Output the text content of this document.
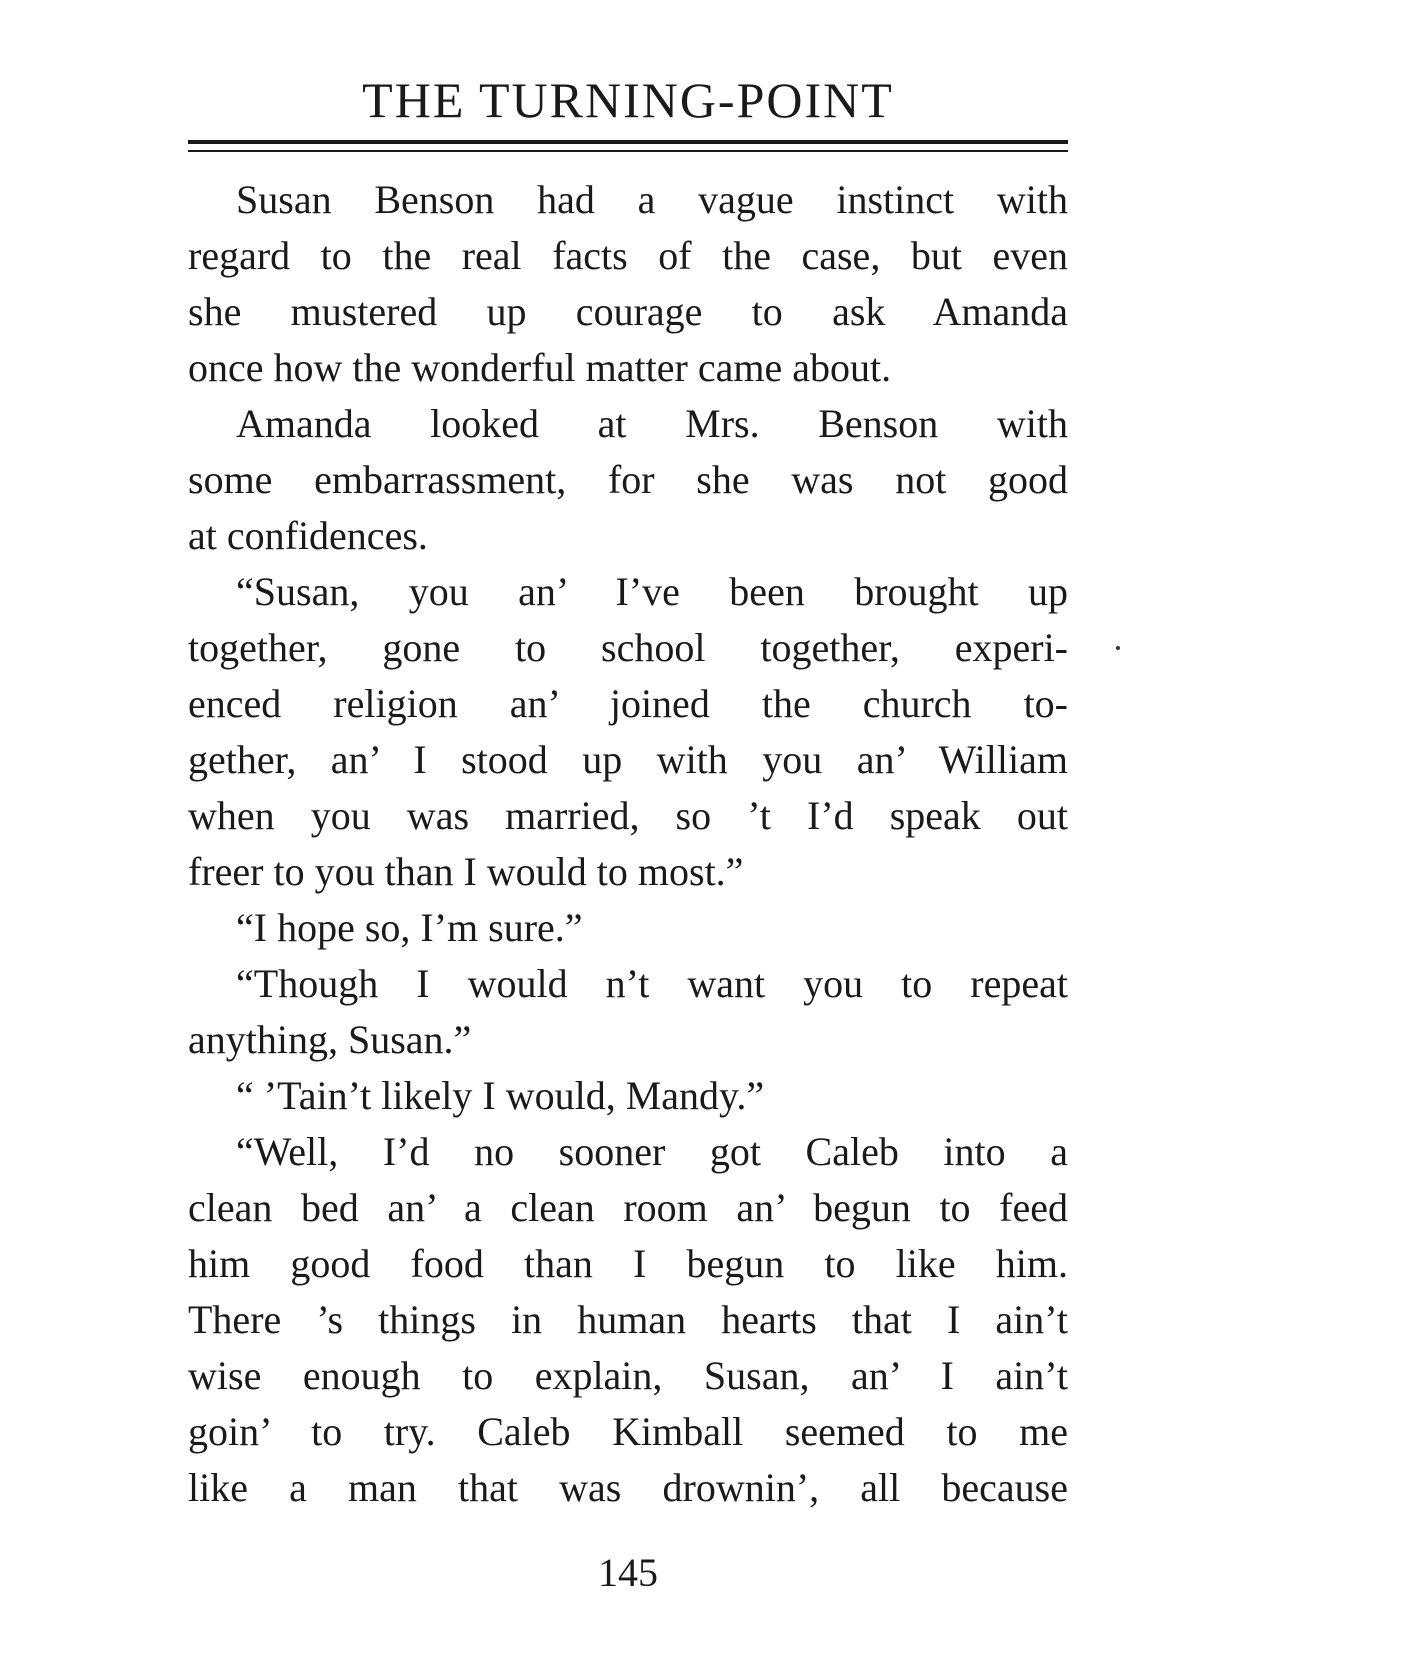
THE TURNING-POINT
Susan Benson had a vague instinct with
regard to the real facts of the case, but even
she mustered up courage to ask Amanda
once how the wonderful matter came about.
Amanda looked at Mrs. Benson with
some embarrassment, for she was not good
at confidences.
“Susan, you an’ I’ve been brought up
together, gone to school together, experi-
enced religion an’ joined the church to-
gether, an’ I stood up with you an’ William
when you was married, so ’t I’d speak out
freer to you than I would to most.”
“I hope so, I’m sure.”
“Though I would n’t want you to repeat
anything, Susan.”
“ ’Tain’t likely I would, Mandy.”
“Well, I’d no sooner got Caleb into a
clean bed an’ a clean room an’ begun to feed
him good food than I begun to like him.
There ’s things in human hearts that I ain’t
wise enough to explain, Susan, an’ I ain’t
goin’ to try. Caleb Kimball seemed to me
like a man that was drownin’, all because
145
